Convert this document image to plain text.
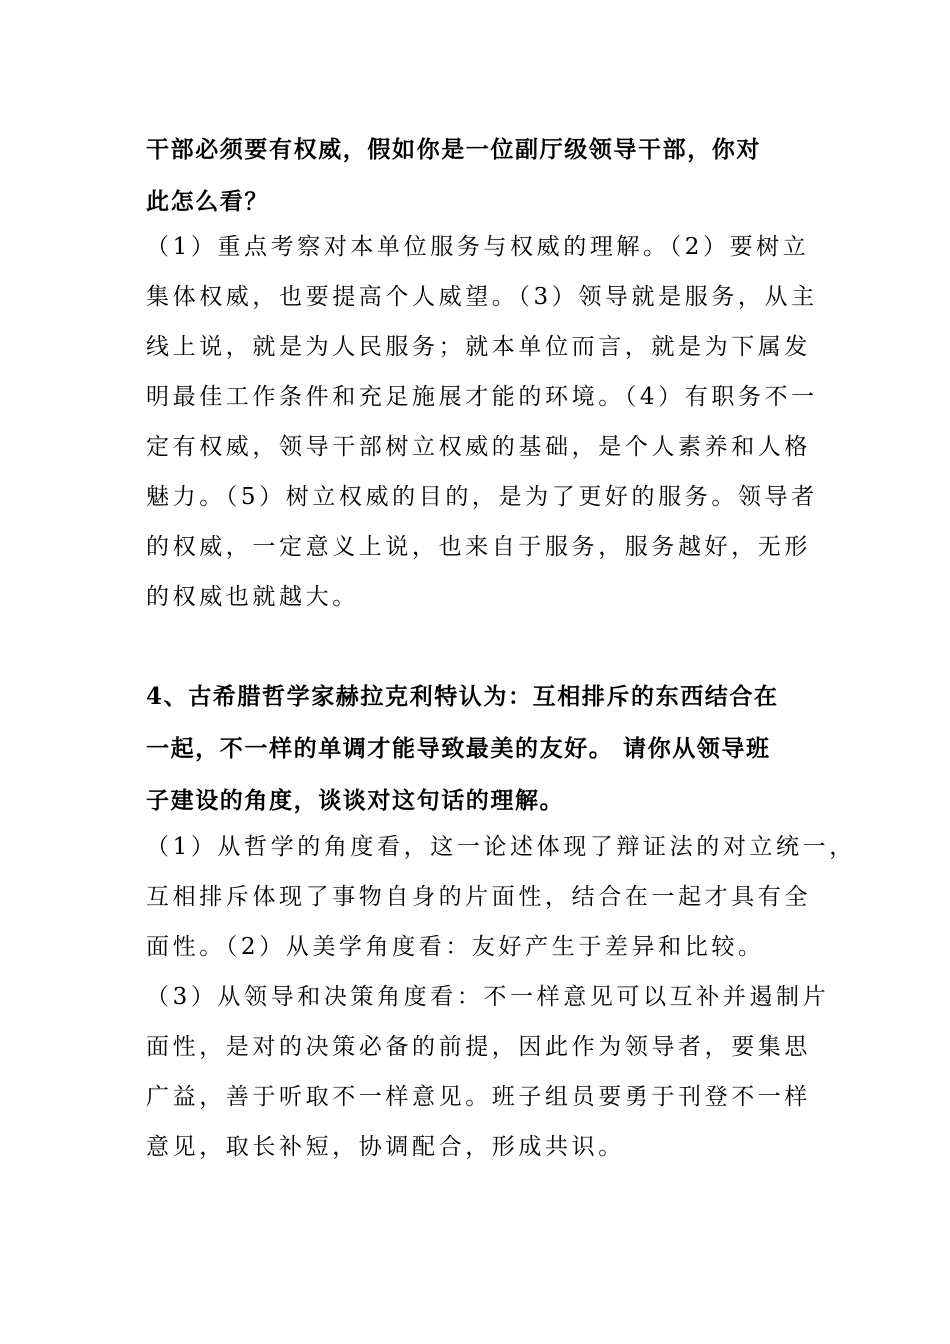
干部必须要有权威，假如你是一位副厅级领导干部，你对
此怎么看？
（1）重点考察对本单位服务与权威的理解。（2）要树立
集体权威，也要提高个人威望。（3）领导就是服务，从主
线上说，就是为人民服务；就本单位而言，就是为下属发
明最佳工作条件和充足施展才能的环境。（4）有职务不一
定有权威，领导干部树立权威的基础，是个人素养和人格
魅力。（5）树立权威的目的，是为了更好的服务。领导者
的权威，一定意义上说，也来自于服务，服务越好，无形
的权威也就越大。
4、古希腊哲学家赫拉克利特认为：互相排斥的东西结合在
一起，不一样的单调才能导致最美的友好。 请你从领导班
子建设的角度，谈谈对这句话的理解。
（1）从哲学的角度看，这一论述体现了辩证法的对立统一，
互相排斥体现了事物自身的片面性，结合在一起才具有全
面性。（2）从美学角度看：友好产生于差异和比较。
（3）从领导和决策角度看：不一样意见可以互补并遏制片
面性，是对的决策必备的前提，因此作为领导者，要集思
广益，善于听取不一样意见。班子组员要勇于刊登不一样
意见，取长补短，协调配合，形成共识。
